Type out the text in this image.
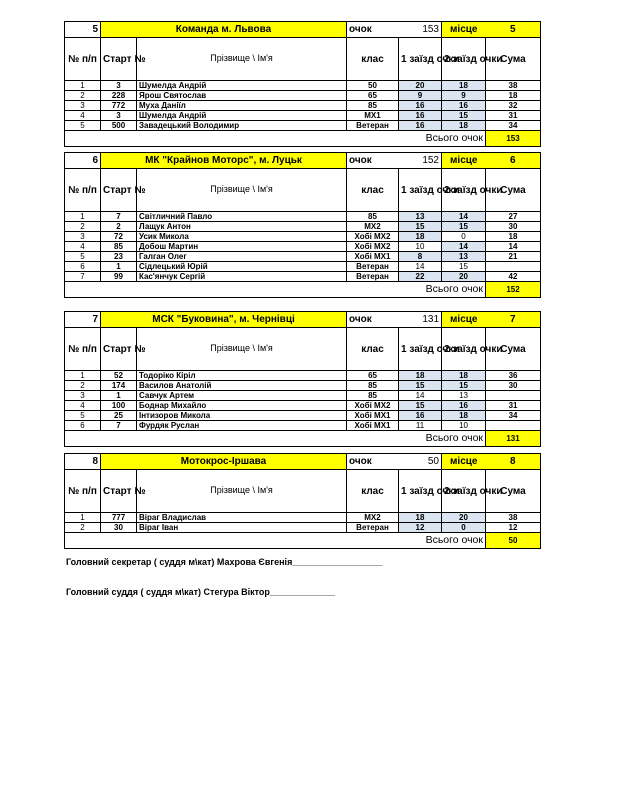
5	Команда м. Львова		очок	153	місце	5
№ п/п	Старт №	Прізвище \ Ім'я	клас	1 заїзд очки	2 заїзд очки	Сума
1	3	Шумелда Андрій	50	20	18	38
2	228	Ярош Святослав	65	9	9	18
3	772	Муха Даніїл	85	16	16	32
4	3	Шумелда Андрій	MX1	16	15	31
5	500	Завадецький Володимир	Ветеран	16	18	34
Всього очок						153
6	МК "Крайнов Моторс", м. Луцьк		очок	152	місце	6
№ п/п	Старт №	Прізвище \ Ім'я	клас	1 заїзд очки	2 заїзд очки	Сума
1	7	Світличний Павло	85	13	14	27
2	2	Лащук Антон	MX2	15	15	30
3	72	Усик Микола	Хобі MX2	18	0	18
4	85	Добош Мартин	Хобі MX2	10	14	14
5	23	Галган Олег	Хобі MX1	8	13	21
6	1	Сідлецький Юрій	Ветеран	14	15	
7	99	Кас'янчук Сергій	Ветеран	22	20	42
Всього очок						152
7	МСК "Буковина", м. Чернівці		очок	131	місце	7
№ п/п	Старт №	Прізвище \ Ім'я	клас	1 заїзд очки	2 заїзд очки	Сума
1	52	Тодоріко Кіріл	65	18	18	36
2	174	Василов Анатолій	85	15	15	30
3	1	Савчук Артем	85	14	13	
4	100	Боднар Михайло	Хобі MX2	15	16	31
5	25	Інтизоров Микола	Хобі MX1	16	18	34
6	7	Фурдяк Руслан	Хобі MX1	11	10	
Всього очок						131
8	Мотокрос-Іршава		очок	50	місце	8
№ п/п	Старт №	Прізвище \ Ім'я	клас	1 заїзд очки	2 заїзд очки	Сума
1	777	Віраг Владислав	MX2	18	20	38
2	30	Віраг Іван	Ветеран	12	0	12
Всього очок						50
Головний секретар ( суддя м\кат) Махрова Євгенія__________________
Головний суддя ( суддя м\кат) Стегура Віктор_____________
